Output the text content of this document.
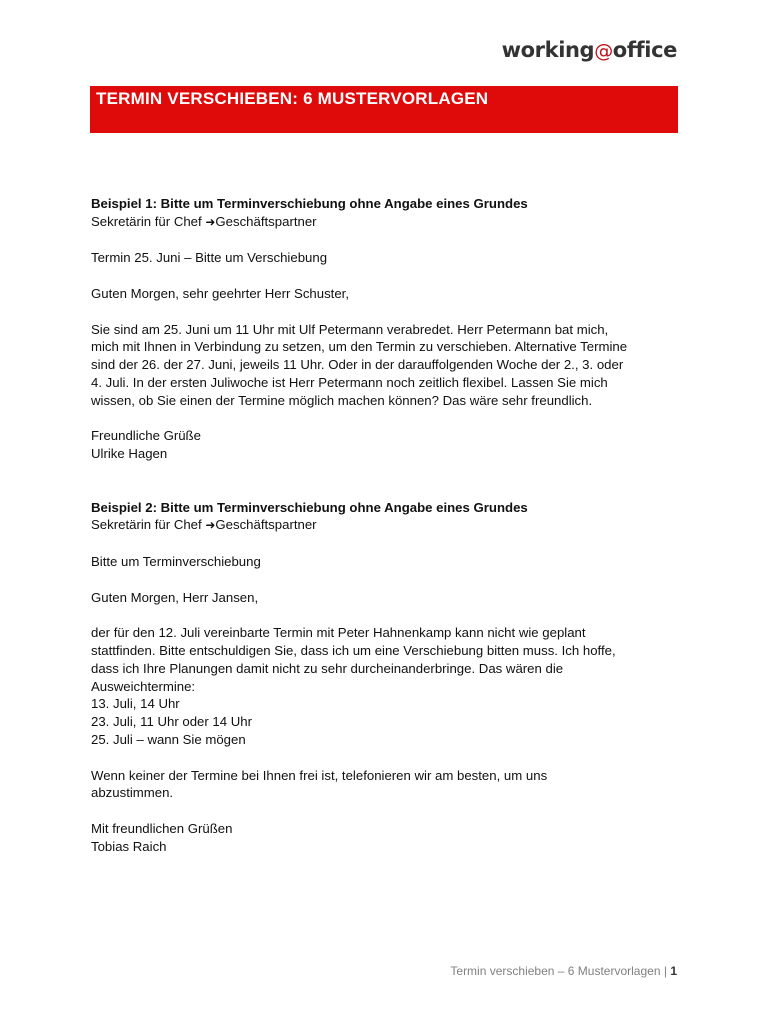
working@office
TERMIN VERSCHIEBEN: 6 MUSTERVORLAGEN

Beispiel 1: Bitte um Terminverschiebung ohne Angabe eines Grundes

Sekretärin für Chef ➜Geschäftspartner

Termin 25. Juni – Bitte um Verschiebung

Guten Morgen, sehr geehrter Herr Schuster,

Sie sind am 25. Juni um 11 Uhr mit Ulf Petermann verabredet. Herr Petermann bat mich,

mich mit Ihnen in Verbindung zu setzen, um den Termin zu verschieben. Alternative Termine

sind der 26. der 27. Juni, jeweils 11 Uhr. Oder in der darauffolgenden Woche der 2., 3. oder

4. Juli. In der ersten Juliwoche ist Herr Petermann noch zeitlich flexibel. Lassen Sie mich

wissen, ob Sie einen der Termine möglich machen können? Das wäre sehr freundlich.

Freundliche Grüße

Ulrike Hagen

Beispiel 2: Bitte um Terminverschiebung ohne Angabe eines Grundes

Sekretärin für Chef ➜Geschäftspartner

Bitte um Terminverschiebung

Guten Morgen, Herr Jansen,

der für den 12. Juli vereinbarte Termin mit Peter Hahnenkamp kann nicht wie geplant

stattfinden. Bitte entschuldigen Sie, dass ich um eine Verschiebung bitten muss. Ich hoffe,

dass ich Ihre Planungen damit nicht zu sehr durcheinanderbringe. Das wären die

Ausweichtermine:

13. Juli, 14 Uhr

23. Juli, 11 Uhr oder 14 Uhr

25. Juli – wann Sie mögen

Wenn keiner der Termine bei Ihnen frei ist, telefonieren wir am besten, um uns

abzustimmen.

Mit freundlichen Grüßen

Tobias Raich

Termin verschieben – 6 Mustervorlagen | 1
